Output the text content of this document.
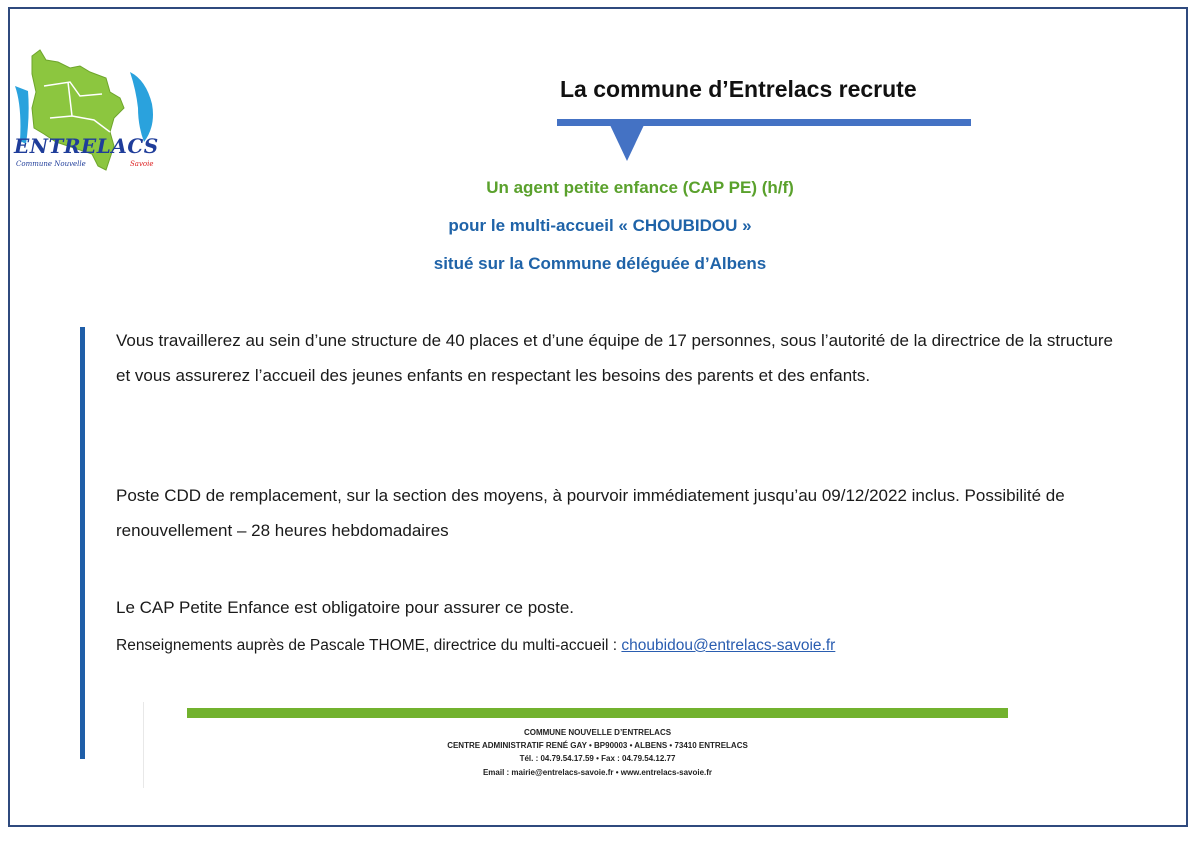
ENTRELACS
Commune Nouvelle	Savoie
La commune d’Entrelacs recrute
Un agent petite enfance (CAP PE) (h/f)
pour le multi-accueil « CHOUBIDOU »
situé sur la Commune déléguée d’Albens
Vous travaillerez au sein d’une structure de 40 places et d’une équipe de 17 personnes, sous l’autorité de la directrice de la structure et vous assurerez l’accueil des jeunes enfants en respectant les besoins des parents et des enfants.
Poste CDD de remplacement, sur la section des moyens, à pourvoir immédiatement jusqu’au 09/12/2022 inclus. Possibilité de renouvellement – 28 heures hebdomadaires
Le CAP Petite Enfance est obligatoire pour assurer ce poste.
Renseignements auprès de Pascale THOME, directrice du multi-accueil : choubidou@entrelacs-savoie.fr
COMMUNE NOUVELLE D’ENTRELACS
CENTRE ADMINISTRATIF RENÉ GAY • BP90003 • ALBENS • 73410 ENTRELACS
Tél. : 04.79.54.17.59 • Fax : 04.79.54.12.77
Email : mairie@entrelacs-savoie.fr • www.entrelacs-savoie.fr
